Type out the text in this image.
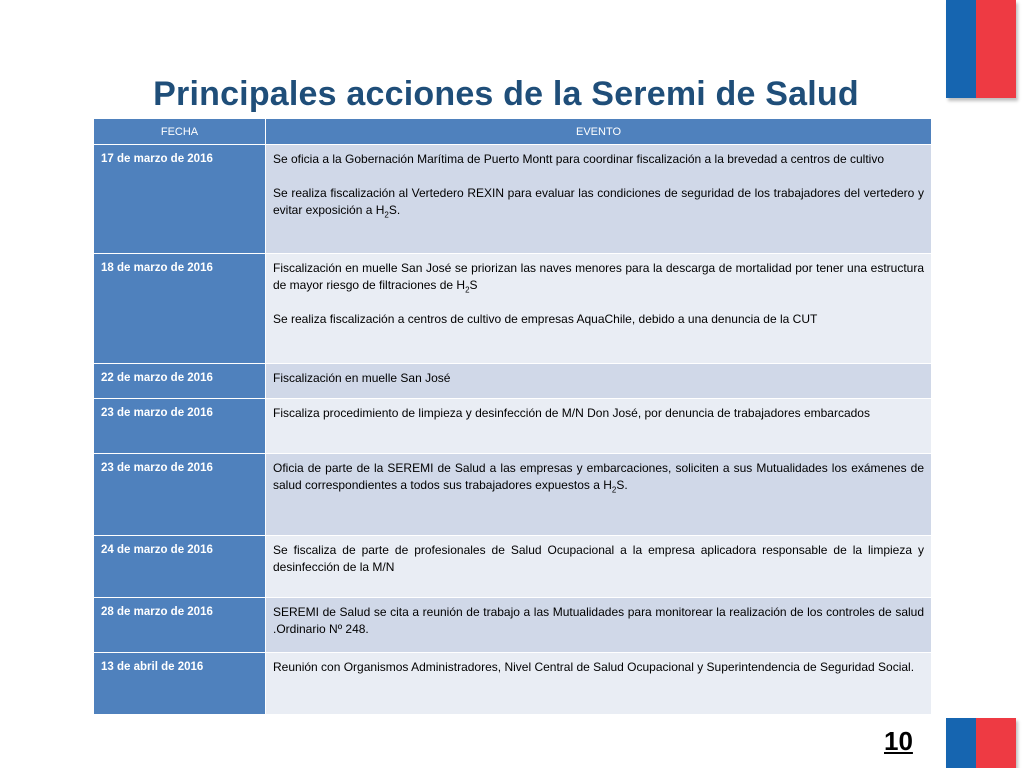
Principales acciones de la Seremi de Salud
FECHA	EVENTO
17 de marzo de 2016	Se oficia a la Gobernación Marítima de Puerto Montt para coordinar fiscalización a la brevedad a centros de cultivo

Se realiza fiscalización al Vertedero REXIN para evaluar las condiciones de seguridad de los trabajadores del vertedero y evitar exposición a $H_2S$.

18 de marzo de 2016	Fiscalización en muelle San José se priorizan las naves menores para la descarga de mortalidad por tener una estructura de mayor riesgo de filtraciones de $H_2S$

Se realiza fiscalización a centros de cultivo de empresas AquaChile, debido a una denuncia de la CUT

22 de marzo de 2016	Fiscalización en muelle San José

23 de marzo de 2016	Fiscaliza procedimiento de limpieza y desinfección de M/N Don José, por denuncia de trabajadores embarcados

23 de marzo de 2016	Oficia de parte de la SEREMI de Salud a las empresas y embarcaciones, soliciten a sus Mutualidades los exámenes de salud correspondientes a todos sus trabajadores expuestos a $H_2S$.

24 de marzo de 2016	Se fiscaliza de parte de profesionales de Salud Ocupacional a la empresa aplicadora responsable de la limpieza y desinfección de la M/N

28 de marzo de 2016	SEREMI de Salud se cita a reunión de trabajo a las Mutualidades para monitorear la realización de los controles de salud .Ordinario Nº 248.

13 de abril de 2016	Reunión con Organismos Administradores, Nivel Central de Salud Ocupacional y Superintendencia de Seguridad Social.

10
